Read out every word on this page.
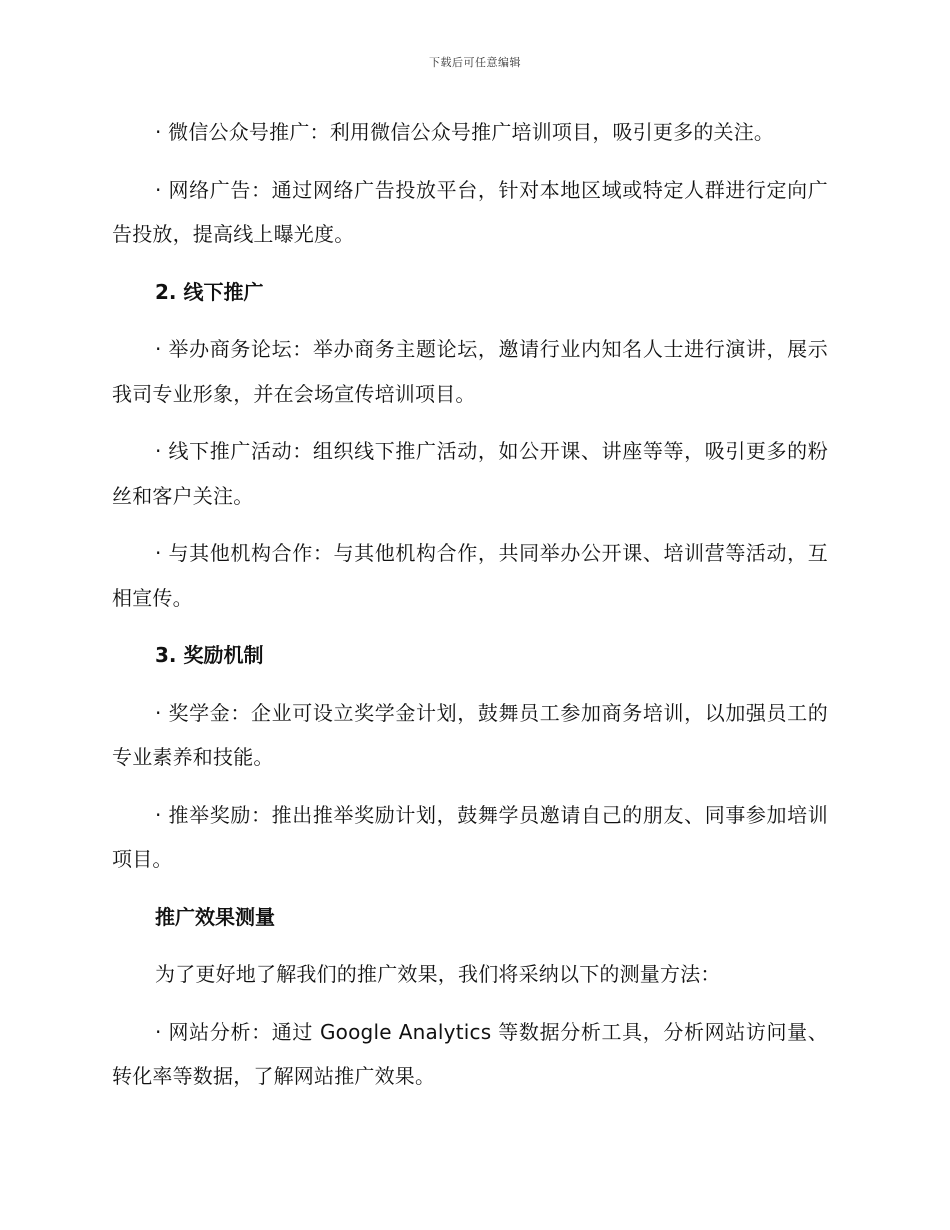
下载后可任意编辑

· 微信公众号推广：利用微信公众号推广培训项目，吸引更多的关注。

· 网络广告：通过网络广告投放平台，针对本地区域或特定人群进行定向广告投放，提高线上曝光度。

2. 线下推广

· 举办商务论坛：举办商务主题论坛，邀请行业内知名人士进行演讲，展示我司专业形象，并在会场宣传培训项目。

· 线下推广活动：组织线下推广活动，如公开课、讲座等等，吸引更多的粉丝和客户关注。

· 与其他机构合作：与其他机构合作，共同举办公开课、培训营等活动，互相宣传。

3. 奖励机制

· 奖学金：企业可设立奖学金计划，鼓舞员工参加商务培训，以加强员工的专业素养和技能。

· 推举奖励：推出推举奖励计划，鼓舞学员邀请自己的朋友、同事参加培训项目。

推广效果测量

为了更好地了解我们的推广效果，我们将采纳以下的测量方法：

· 网站分析：通过 Google Analytics 等数据分析工具，分析网站访问量、转化率等数据，了解网站推广效果。
